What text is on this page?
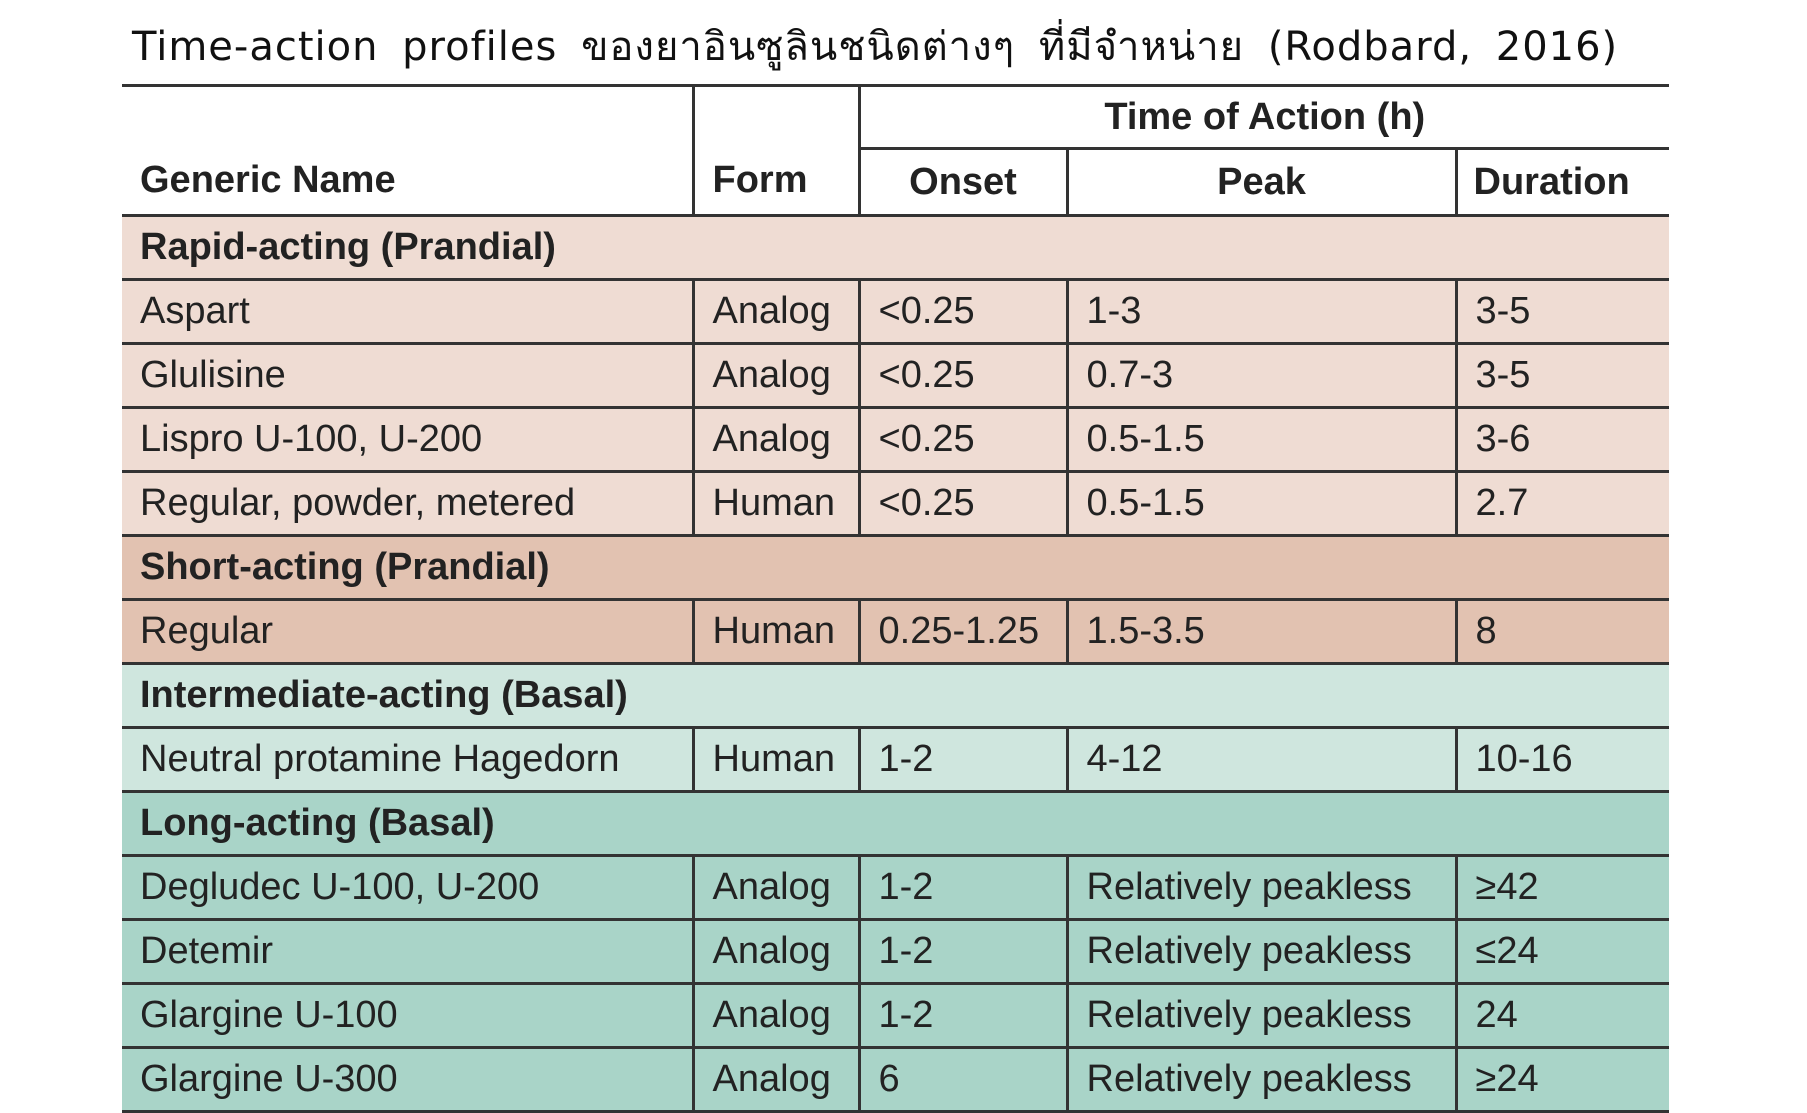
Time-action profiles ของยาอินซูลินชนิดต่างๆ ที่มีจำหน่าย (Rodbard, 2016)
Generic Name	Form	Time of Action (h)		
		Onset	Peak	Duration
Rapid-acting (Prandial)				
Aspart	Analog	<0.25	1-3	3-5
Glulisine	Analog	<0.25	0.7-3	3-5
Lispro U-100, U-200	Analog	<0.25	0.5-1.5	3-6
Regular, powder, metered	Human	<0.25	0.5-1.5	2.7
Short-acting (Prandial)				
Regular	Human	0.25-1.25	1.5-3.5	8
Intermediate-acting (Basal)				
Neutral protamine Hagedorn	Human	1-2	4-12	10-16
Long-acting (Basal)				
Degludec U-100, U-200	Analog	1-2	Relatively peakless	≥42
Detemir	Analog	1-2	Relatively peakless	≤24
Glargine U-100	Analog	1-2	Relatively peakless	24
Glargine U-300	Analog	6	Relatively peakless	≥24
